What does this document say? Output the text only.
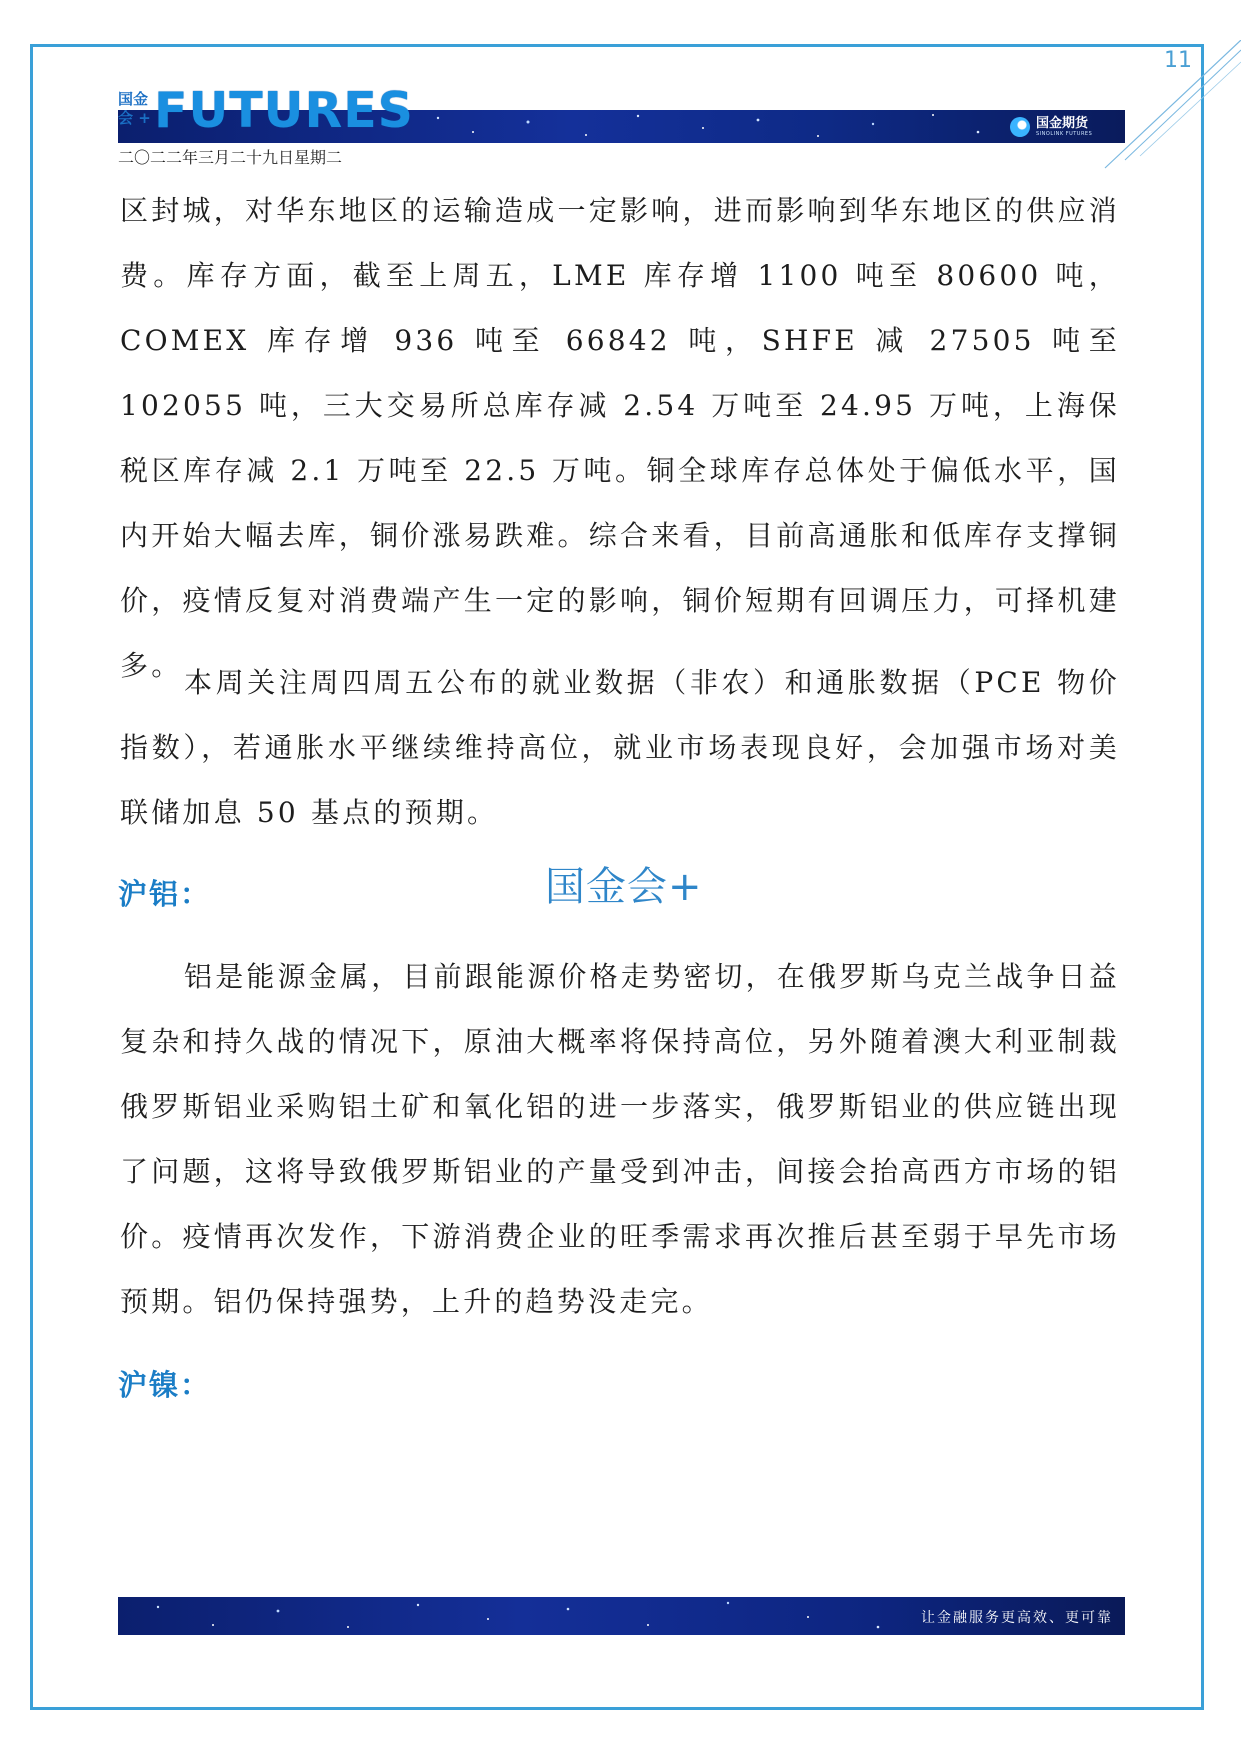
11
国金
会 + FUTURES	国金期货
SINOLINK FUTURES
二〇二二年三月二十九日星期二
区封城，对华东地区的运输造成一定影响，进而影响到华东地区的供应消费。库存方面，截至上周五，LME 库存增 1100 吨至 80600 吨，COMEX 库存增 936 吨至 66842 吨，SHFE 减 27505 吨至 102055 吨，三大交易所总库存减 2.54 万吨至 24.95 万吨，上海保税区库存减 2.1 万吨至 22.5 万吨。铜全球库存总体处于偏低水平，国内开始大幅去库，铜价涨易跌难。综合来看，目前高通胀和低库存支撑铜价，疫情反复对消费端产生一定的影响，铜价短期有回调压力，可择机建多。
本周关注周四周五公布的就业数据（非农）和通胀数据（PCE 物价指数），若通胀水平继续维持高位，就业市场表现良好，会加强市场对美联储加息 50 基点的预期。
沪铝：	国金会+
铝是能源金属，目前跟能源价格走势密切，在俄罗斯乌克兰战争日益复杂和持久战的情况下，原油大概率将保持高位，另外随着澳大利亚制裁俄罗斯铝业采购铝土矿和氧化铝的进一步落实，俄罗斯铝业的供应链出现了问题，这将导致俄罗斯铝业的产量受到冲击，间接会抬高西方市场的铝价。疫情再次发作，下游消费企业的旺季需求再次推后甚至弱于早先市场预期。铝仍保持强势，上升的趋势没走完。
沪镍：
让金融服务更高效、更可靠
